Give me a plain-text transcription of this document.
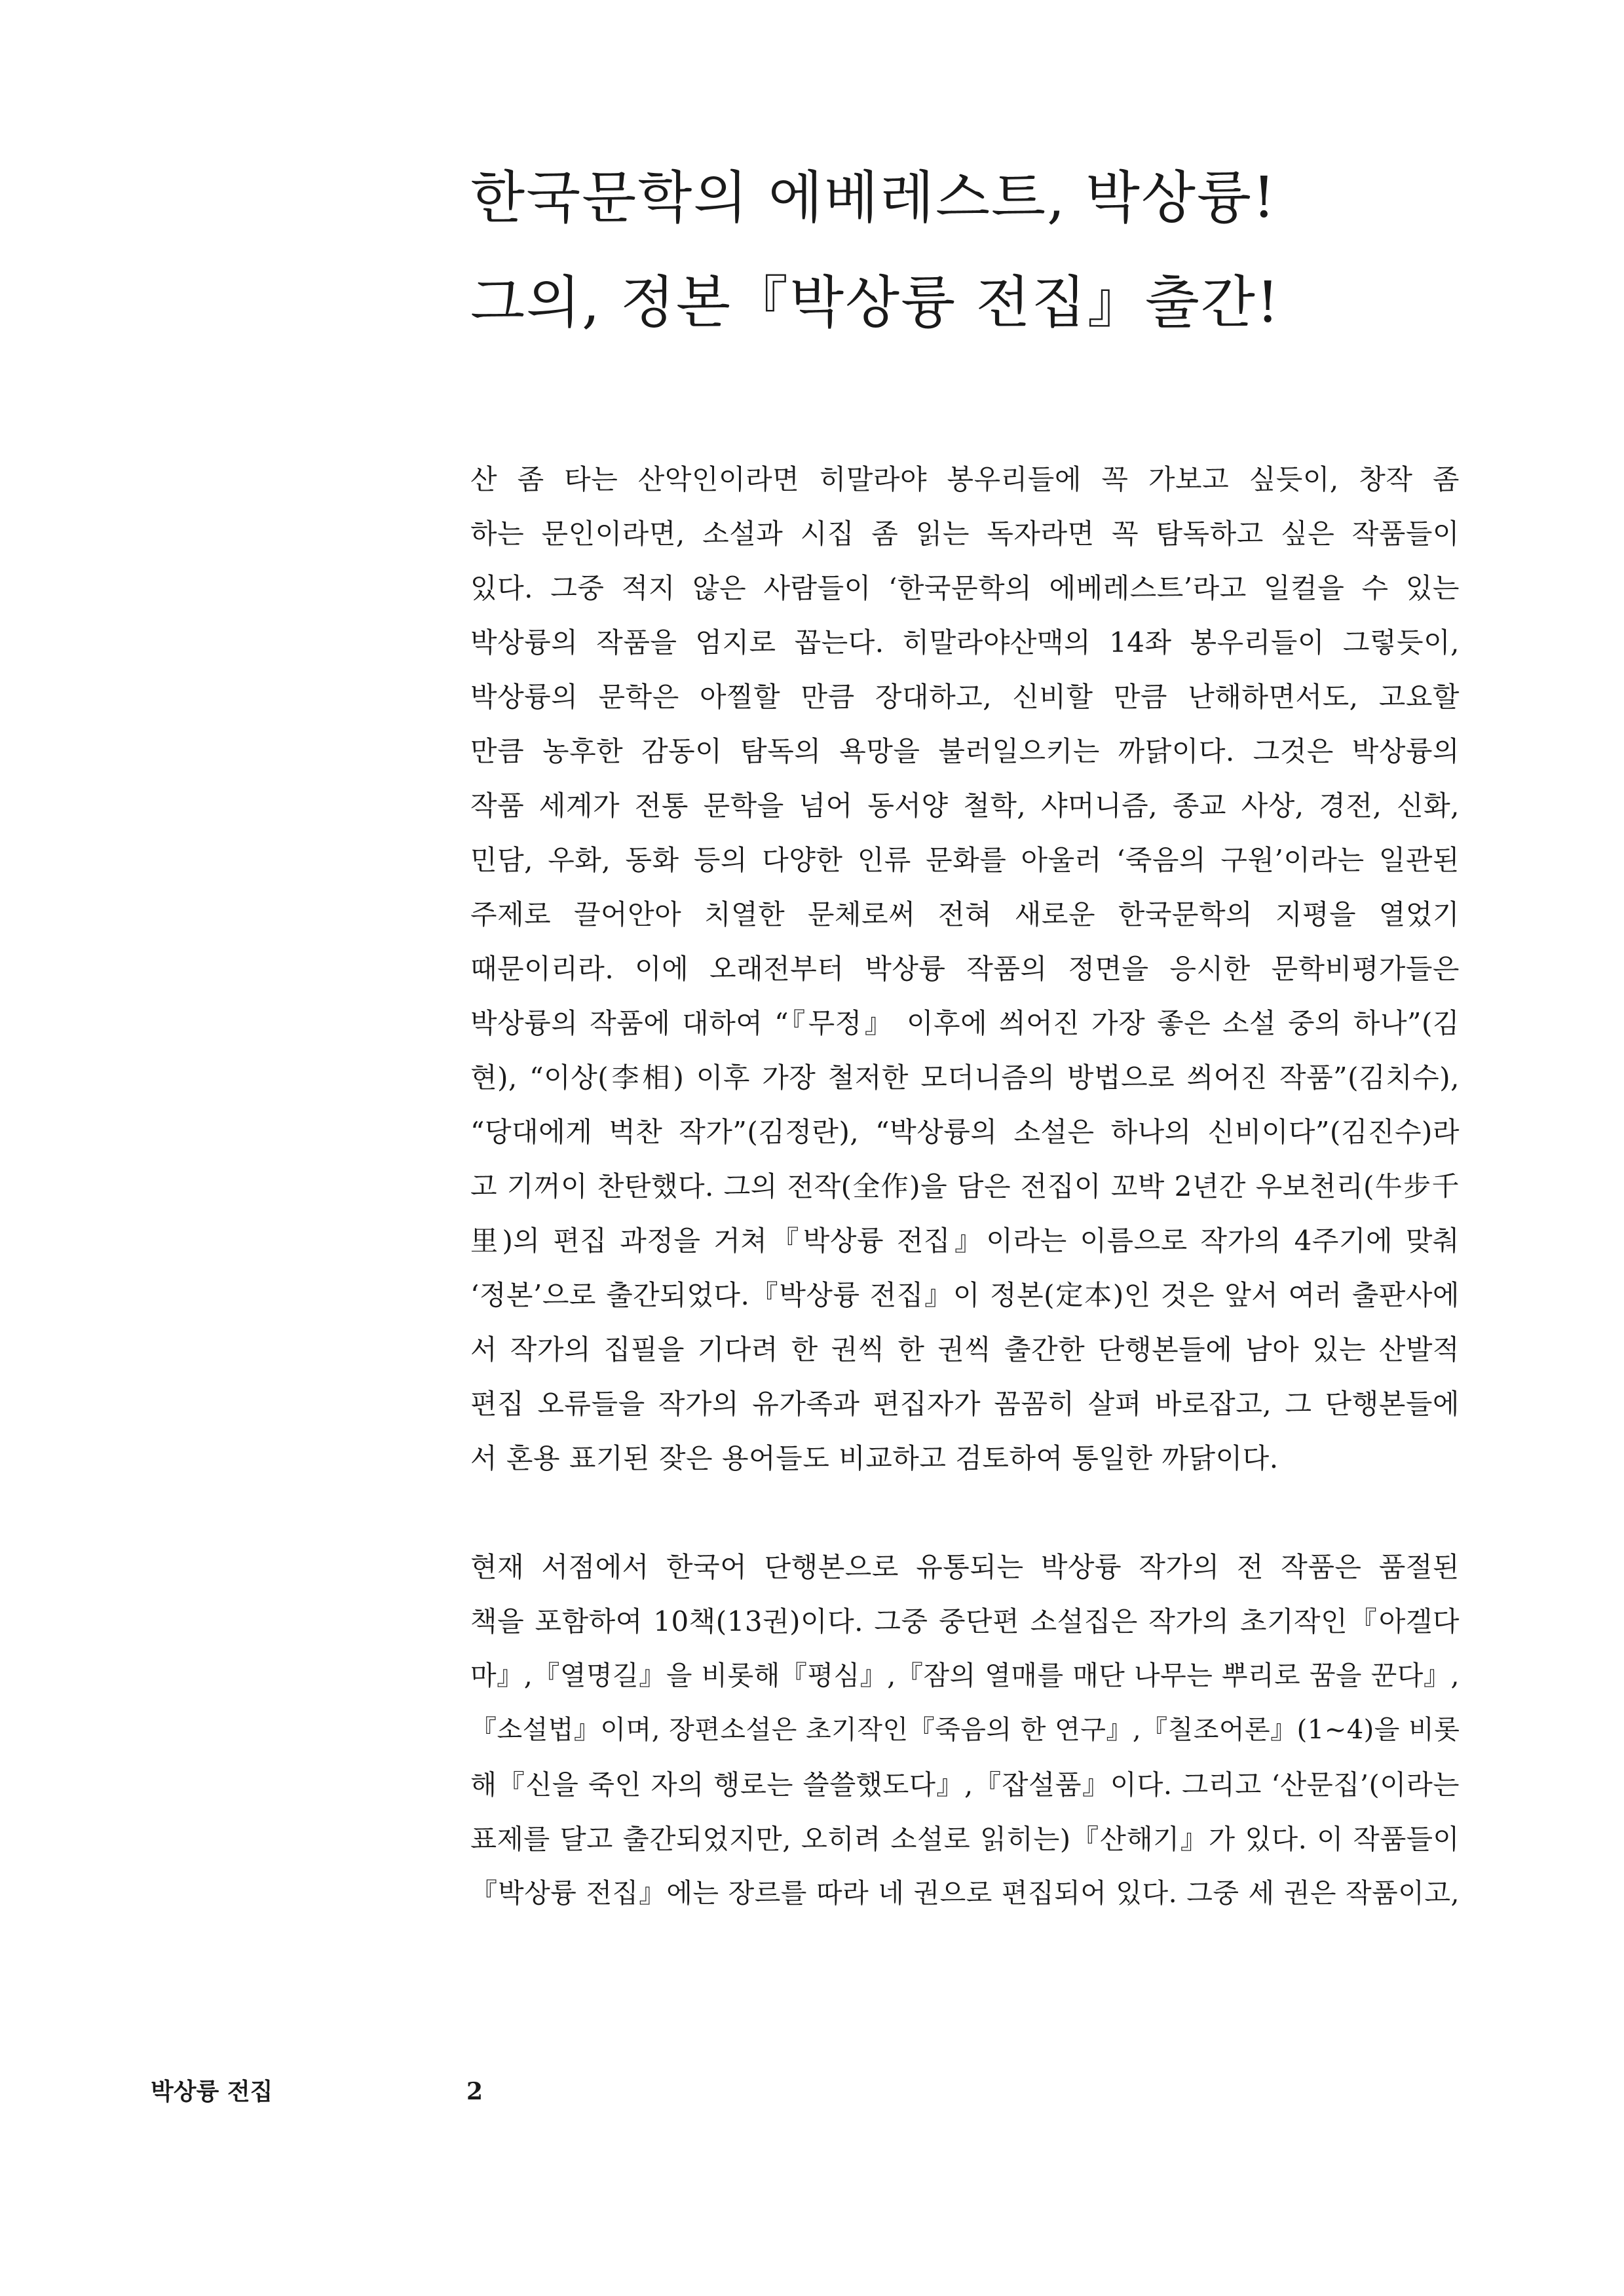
한국문학의 에베레스트, 박상륭!
그의, 정본『박상륭 전집』출간!
산 좀 타는 산악인이라면 히말라야 봉우리들에 꼭 가보고 싶듯이, 창작 좀
하는 문인이라면, 소설과 시집 좀 읽는 독자라면 꼭 탐독하고 싶은 작품들이
있다. 그중 적지 않은 사람들이 ‘한국문학의 에베레스트’라고 일컬을 수 있는
박상륭의 작품을 엄지로 꼽는다. 히말라야산맥의 14좌 봉우리들이 그렇듯이,
박상륭의 문학은 아찔할 만큼 장대하고, 신비할 만큼 난해하면서도, 고요할
만큼 농후한 감동이 탐독의 욕망을 불러일으키는 까닭이다. 그것은 박상륭의
작품 세계가 전통 문학을 넘어 동서양 철학, 샤머니즘, 종교 사상, 경전, 신화,
민담, 우화, 동화 등의 다양한 인류 문화를 아울러 ‘죽음의 구원’이라는 일관된
주제로 끌어안아 치열한 문체로써 전혀 새로운 한국문학의 지평을 열었기
때문이리라. 이에 오래전부터 박상륭 작품의 정면을 응시한 문학비평가들은
박상륭의 작품에 대하여 “『무정』 이후에 씌어진 가장 좋은 소설 중의 하나”(김
현), “이상(李相) 이후 가장 철저한 모더니즘의 방법으로 씌어진 작품”(김치수),
“당대에게 벅찬 작가”(김정란), “박상륭의 소설은 하나의 신비이다”(김진수)라
고 기꺼이 찬탄했다. 그의 전작(全作)을 담은 전집이 꼬박 2년간 우보천리(牛步千
里)의 편집 과정을 거쳐『박상륭 전집』이라는 이름으로 작가의 4주기에 맞춰
‘정본’으로 출간되었다.『박상륭 전집』이 정본(定本)인 것은 앞서 여러 출판사에
서 작가의 집필을 기다려 한 권씩 한 권씩 출간한 단행본들에 남아 있는 산발적
편집 오류들을 작가의 유가족과 편집자가 꼼꼼히 살펴 바로잡고, 그 단행본들에
서 혼용 표기된 잦은 용어들도 비교하고 검토하여 통일한 까닭이다.
현재 서점에서 한국어 단행본으로 유통되는 박상륭 작가의 전 작품은 품절된
책을 포함하여 10책(13권)이다. 그중 중단편 소설집은 작가의 초기작인『아겔다
마』,『열명길』을 비롯해『평심』,『잠의 열매를 매단 나무는 뿌리로 꿈을 꾼다』,
『소설법』이며, 장편소설은 초기작인『죽음의 한 연구』,『칠조어론』(1~4)을 비롯
해『신을 죽인 자의 행로는 쓸쓸했도다』,『잡설품』이다. 그리고 ‘산문집’(이라는
표제를 달고 출간되었지만, 오히려 소설로 읽히는)『산해기』가 있다. 이 작품들이
『박상륭 전집』에는 장르를 따라 네 권으로 편집되어 있다. 그중 세 권은 작품이고,
박상륭 전집	2
